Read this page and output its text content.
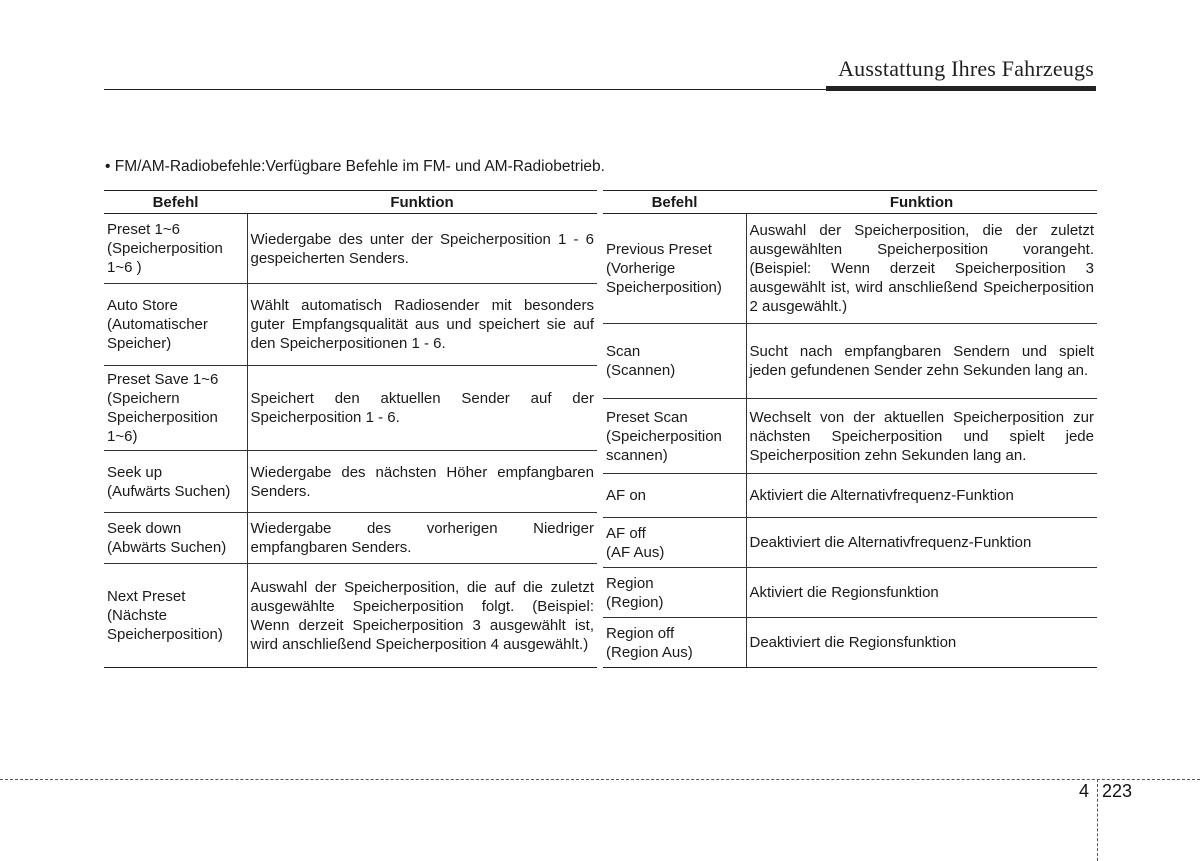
Ausstattung Ihres Fahrzeugs
• FM/AM-Radiobefehle:Verfügbare Befehle im FM- und AM-Radiobetrieb.
Befehl	Funktion
Preset 1~6
(Speicherposition 1~6 )	Wiedergabe des unter der Speicherposition 1 - 6 gespeicherten Senders.
Auto Store
(Automatischer Speicher)	Wählt automatisch Radiosender mit besonders guter Empfangsqualität aus und speichert sie auf den Speicherpositionen 1 - 6.
Preset Save 1~6
(Speichern Speicherposition 1~6)	Speichert den aktuellen Sender auf der Speicherposition 1 - 6.
Seek up
(Aufwärts Suchen)	Wiedergabe des nächsten Höher empfangbaren Senders.
Seek down
(Abwärts Suchen)	Wiedergabe des vorherigen Niedriger empfangbaren Senders.
Next Preset
(Nächste Speicherposition)	Auswahl der Speicherposition, die auf die zuletzt ausgewählte Speicherposition folgt. (Beispiel: Wenn derzeit Speicherposition 3 ausgewählt ist, wird anschließend Speicherposition 4 ausgewählt.)
Befehl	Funktion
Previous Preset
(Vorherige Speicherposition)	Auswahl der Speicherposition, die der zuletzt ausgewählten Speicherposition vorangeht. (Beispiel: Wenn derzeit Speicherposition 3 ausgewählt ist, wird anschließend Speicherposition 2 ausgewählt.)
Scan
(Scannen)	Sucht nach empfangbaren Sendern und spielt jeden gefundenen Sender zehn Sekunden lang an.
Preset Scan
(Speicherposition scannen)	Wechselt von der aktuellen Speicherposition zur nächsten Speicherposition und spielt jede Speicherposition zehn Sekunden lang an.
AF on	Aktiviert die Alternativfrequenz-Funktion
AF off
(AF Aus)	Deaktiviert die Alternativfrequenz-Funktion
Region
(Region)	Aktiviert die Regionsfunktion
Region off
(Region Aus)	Deaktiviert die Regionsfunktion
4 223
